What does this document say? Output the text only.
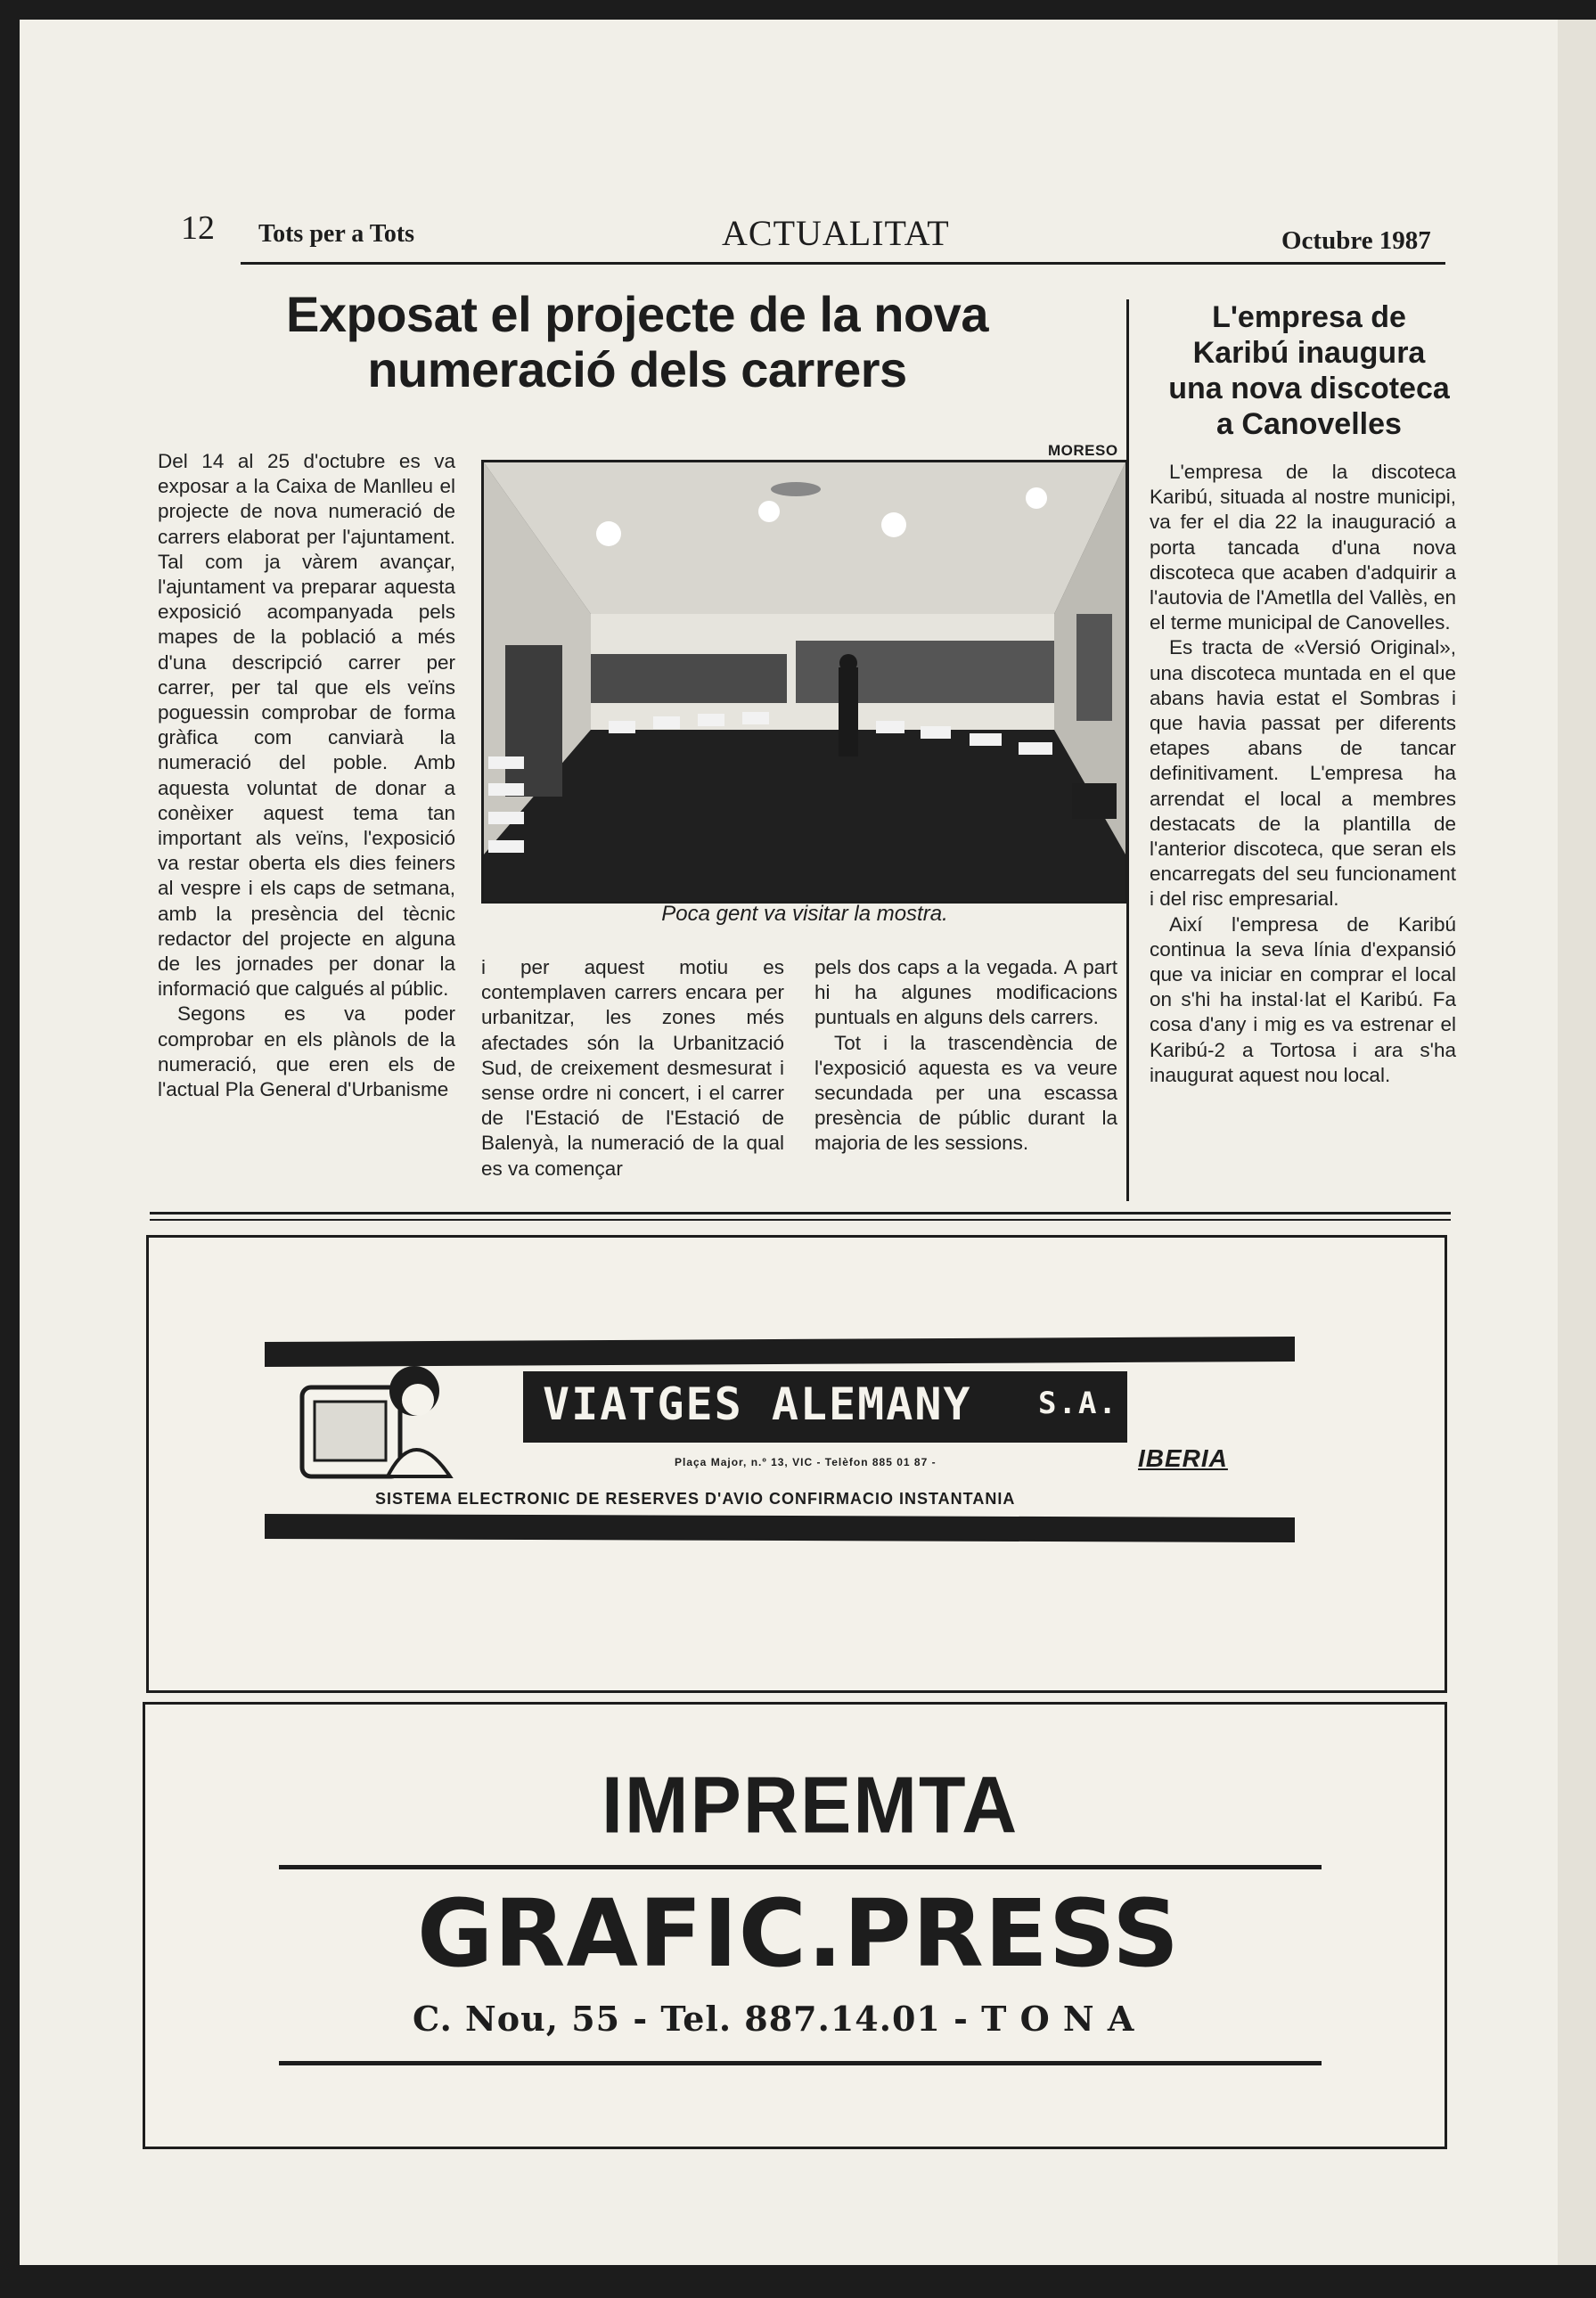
12 Tots per a Tots	ACTUALITAT	Octubre 1987
Exposat el projecte de la nova
numeració dels carrers
MORESO
Poca gent va visitar la mostra.

Del 14 al 25 d'octubre es va exposar a la Caixa de Manlleu el projecte de nova numeració de carrers elaborat per l'ajuntament. Tal com ja vàrem avançar, l'ajuntament va preparar aquesta exposició acompanyada pels mapes de la població a més d'una descripció carrer per carrer, per tal que els veïns poguessin comprobar de forma gràfica com canviarà la numeració del poble. Amb aquesta voluntat de donar a conèixer aquest tema tan important als veïns, l'exposició va restar oberta els dies feiners al vespre i els caps de setmana, amb la presència del tècnic redactor del projecte en alguna de les jornades per donar la informació que calgués al públic.

Segons es va poder comprobar en els plànols de la numeració, que eren els de l'actual Pla General d'Urbanisme

i per aquest motiu es contemplaven carrers encara per urbanitzar, les zones més afectades són la Urbanització Sud, de creixement desmesurat i sense ordre ni concert, i el carrer de l'Estació de l'Estació de Balenyà, la numeració de la qual es va començar

pels dos caps a la vegada. A part hi ha algunes modificacions puntuals en alguns dels carrers.

Tot i la trascendència de l'exposició aquesta es va veure secundada per una escassa presència de públic durant la majoria de les sessions.

L'empresa de
Karibú inaugura
una nova discoteca
a Canovelles

L'empresa de la discoteca Karibú, situada al nostre municipi, va fer el dia 22 la inauguració a porta tancada d'una nova discoteca que acaben d'adquirir a l'autovia de l'Ametlla del Vallès, en el terme municipal de Canovelles.

Es tracta de «Versió Original», una discoteca muntada en el que abans havia estat el Sombras i que havia passat per diferents etapes abans de tancar definitivament. L'empresa ha arrendat el local a membres destacats de la plantilla de l'anterior discoteca, que seran els encarregats del seu funcionament i del risc empresarial.

Així l'empresa de Karibú continua la seva línia d'expansió que va iniciar en comprar el local on s'hi ha instal·lat el Karibú. Fa cosa d'any i mig es va estrenar el Karibú-2 a Tortosa i ara s'ha inaugurat aquest nou local.

VIATGES ALEMANY S.A.
Plaça Major, n.º 13, VIC - Telèfon 885 01 87 -	IBERIA
SISTEMA ELECTRONIC DE RESERVES D'AVIO CONFIRMACIO INSTANTANIA
IMPREMTA
GRAFIC.PRESS
C. Nou, 55 - Tel. 887.14.01 - T O N A
